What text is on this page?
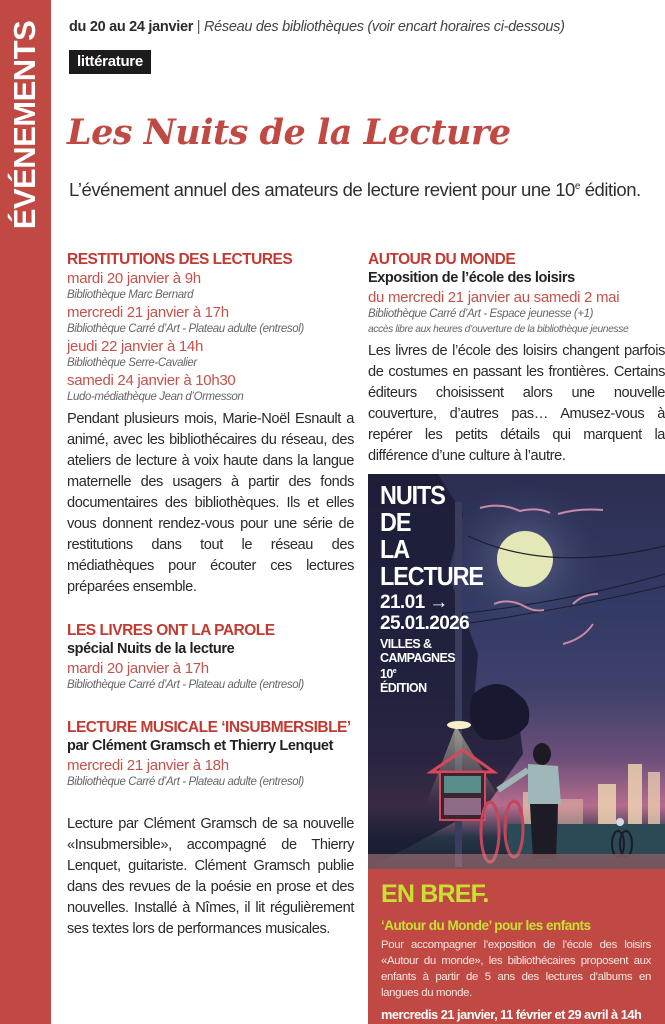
ÉVÉNEMENTS du 20 au 24 janvier | Réseau des bibliothèques (voir encart horaires ci-dessous)
littérature
Les Nuits de la Lecture
L’événement annuel des amateurs de lecture revient pour une 10e édition.
RESTITUTIONS DES LECTURES
mardi 20 janvier à 9h
Bibliothèque Marc Bernard
mercredi 21 janvier à 17h
Bibliothèque Carré d’Art - Plateau adulte (entresol)
jeudi 22 janvier à 14h
Bibliothèque Serre-Cavalier
samedi 24 janvier à 10h30
Ludo-médiathèque Jean d’Ormesson

Pendant plusieurs mois, Marie-Noël Esnault a animé, avec les bibliothécaires du réseau, des ateliers de lecture à voix haute dans la langue maternelle des usagers à partir des fonds documentaires des bibliothèques. Ils et elles vous donnent rendez-vous pour une série de restitutions dans tout le réseau des médiathèques pour écouter ces lectures préparées ensemble.

LES LIVRES ONT LA PAROLE
spécial Nuits de la lecture
mardi 20 janvier à 17h
Bibliothèque Carré d’Art - Plateau adulte (entresol)
LECTURE MUSICALE ‘INSUBMERSIBLE’
par Clément Gramsch et Thierry Lenquet
mercredi 21 janvier à 18h
Bibliothèque Carré d’Art - Plateau adulte (entresol)

Lecture par Clément Gramsch de sa nouvelle «Insubmersible», accompagné de Thierry Lenquet, guitariste. Clément Gramsch publie dans des revues de la poésie en prose et des nouvelles. Installé à Nîmes, il lit régulièrement ses textes lors de performances musicales.

AUTOUR DU MONDE
Exposition de l’école des loisirs
du mercredi 21 janvier au samedi 2 mai
Bibliothèque Carré d’Art - Espace jeunesse (+1)
accès libre aux heures d’ouverture de la bibliothèque jeunesse

Les livres de l’école des loisirs changent parfois de costumes en passant les frontières. Certains éditeurs choisissent alors une nouvelle couverture, d’autres pas… Amusez-vous à repérer les petits détails qui marquent la différence d’une culture à l’autre.

NUITS
DE
LA
LECTURE
21.01 →
25.01.2026
VILLES &
CAMPAGNES
10e
ÉDITION
EN BREF.
‘Autour du Monde’ pour les enfants

Pour accompagner l’exposition de l’école des loisirs «Autour du monde», les bibliothécaires proposent aux enfants à partir de 5 ans des lectures d’albums en langues du monde.

mercredis 21 janvier, 11 février et 29 avril à 14h
